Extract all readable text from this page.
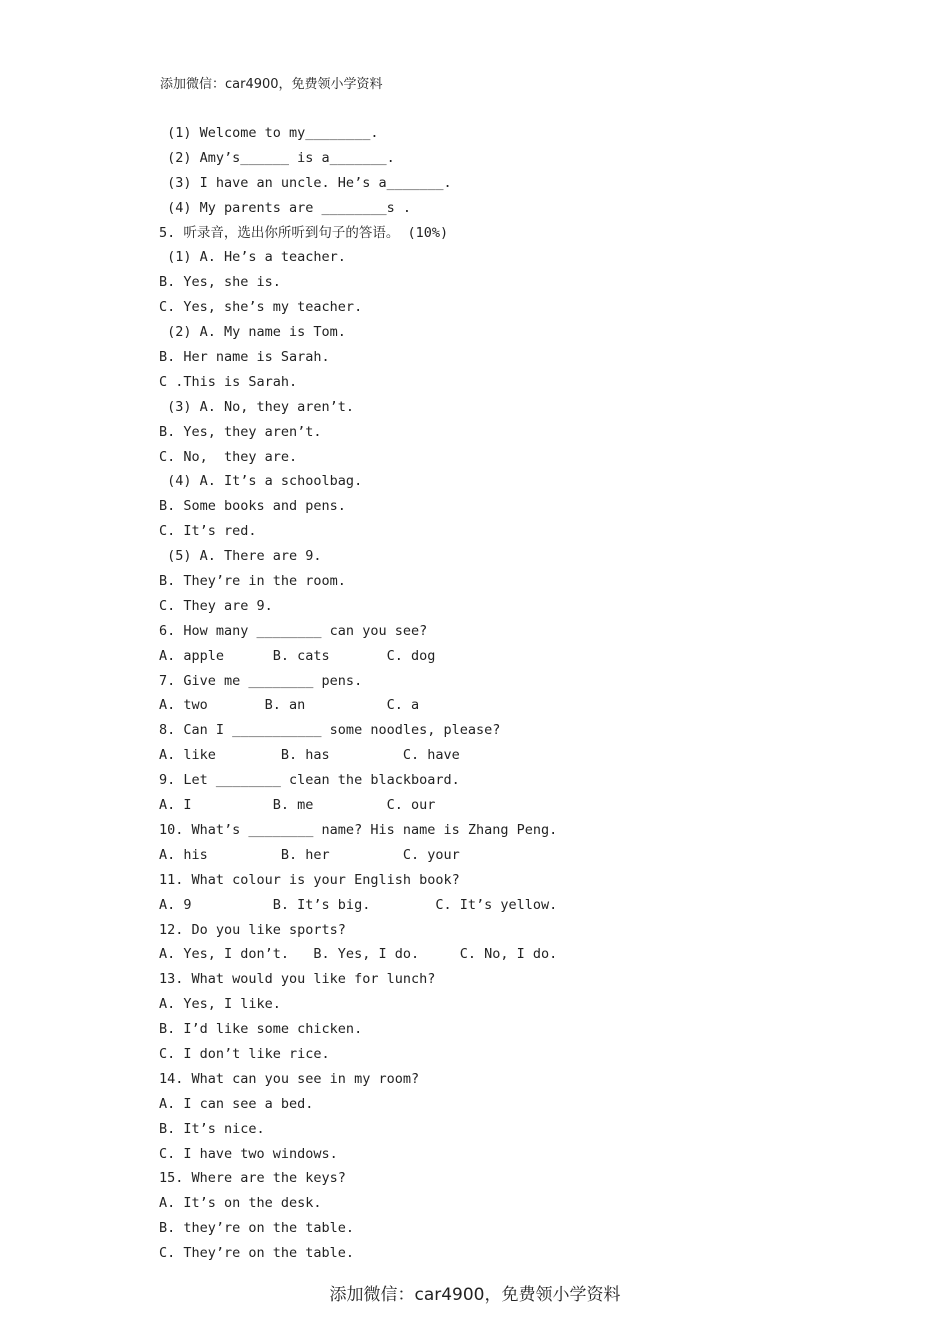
添加微信：car4900，免费领小学资料
(1) Welcome to my________.
(2) Amy’s______ is a_______.
(3) I have an uncle. He’s a_______.
(4) My parents are ________s .
5. 听录音，选出你所听到句子的答语。 (10%)
(1) A. He’s a teacher.
B. Yes, she is.
C. Yes, she’s my teacher.
(2) A. My name is Tom.
B. Her name is Sarah.
C .This is Sarah.
(3) A. No, they aren’t.
B. Yes, they aren’t.
C. No,  they are.
(4) A. It’s a schoolbag.
B. Some books and pens.
C. It’s red.
(5) A. There are 9.
B. They’re in the room.
C. They are 9.
6. How many ________ can you see?
A. apple      B. cats       C. dog
7. Give me ________ pens.
A. two       B. an          C. a
8. Can I ___________ some noodles, please?
A. like        B. has         C. have
9. Let ________ clean the blackboard.
A. I          B. me         C. our
10. What’s ________ name? His name is Zhang Peng.
A. his         B. her         C. your
11. What colour is your English book?
A. 9          B. It’s big.        C. It’s yellow.
12. Do you like sports?
A. Yes, I don’t.   B. Yes, I do.     C. No, I do.
13. What would you like for lunch?
A. Yes, I like.
B. I’d like some chicken.
C. I don’t like rice.
14. What can you see in my room?
A. I can see a bed.
B. It’s nice.
C. I have two windows.
15. Where are the keys?
A. It’s on the desk.
B. they’re on the table.
C. They’re on the table.
添加微信：car4900，免费领小学资料
